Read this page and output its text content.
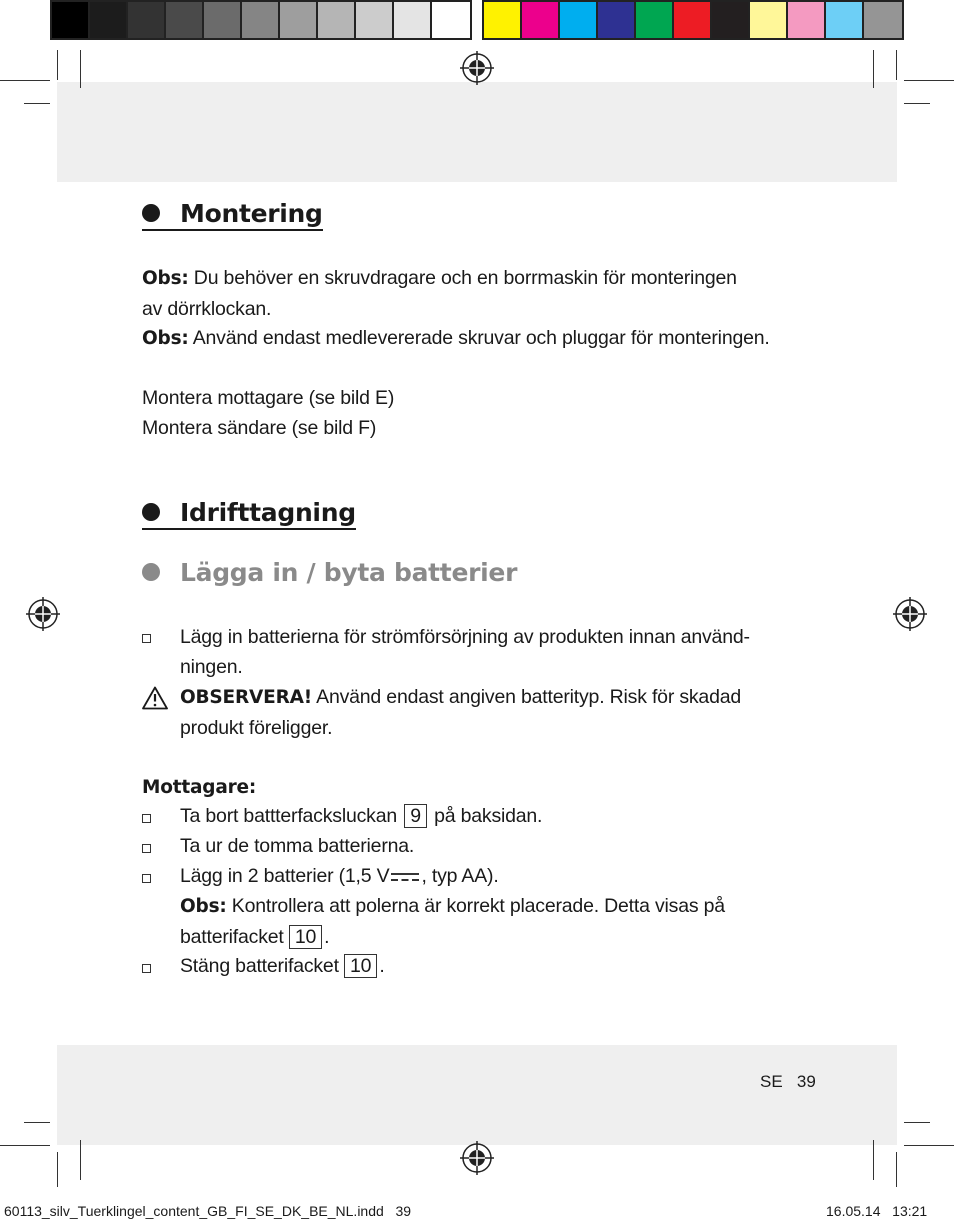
Montering
Obs: Du behöver en skruvdragare och en borrmaskin för monteringen
av dörrklockan.
Obs: Använd endast medlevererade skruvar och pluggar för monteringen.
Montera mottagare (se bild E)
Montera sändare (se bild F)
Idrifttagning
Lägga in / byta batterier
Lägg in batterierna för strömförsörjning av produkten innan använd-
ningen.
OBSERVERA! Använd endast angiven batterityp. Risk för skadad
produkt föreligger.
Mottagare:
Ta bort battterfacksluckan 9 på baksidan.
Ta ur de tomma batterierna.
Lägg in 2 batterier (1,5 V , typ AA).
Obs: Kontrollera att polerna är korrekt placerade. Detta visas på
batterifacket 10 .
Stäng batterifacket 10 .
SE 39
60113_silv_Tuerklingel_content_GB_FI_SE_DK_BE_NL.indd   39	16.05.14   13:21
